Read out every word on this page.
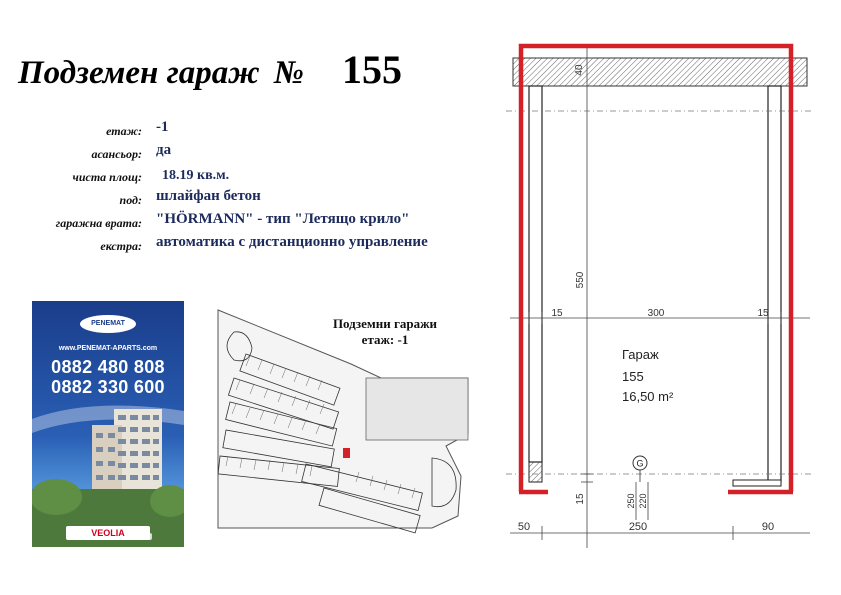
Подземен гараж № 155
етаж: -1
асансьор: да
чиста площ: 18.19 кв.м.
под: шлайфан бетон
гаражна врата: "HÖRMANN" - тип "Летящо крило"
екстра: автоматика с дистанционно управление
PENEMAT
www.PENEMAT-APARTS.com
0882 480 808
0882 330 600
VEOLIA
Подземни гаражи
етаж: -1
G
40
550
15	300	15
15	250 220
50	250	90
Гараж
155
16,50 m²
